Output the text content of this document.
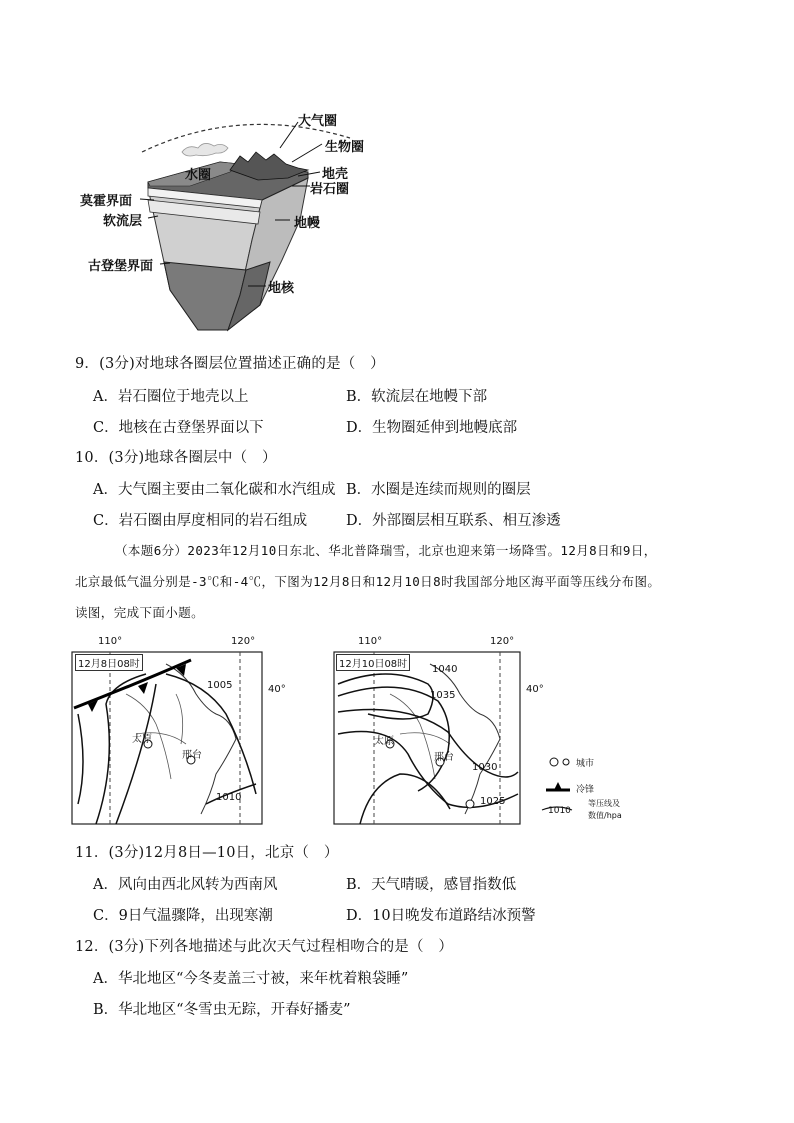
大气圈
生物圈
水圈	地壳
岩石圈
莫霍界面
软流层	地幔
古登堡界面
地核
9．(3分)对地球各圈层位置描述正确的是（　）
A．岩石圈位于地壳以上	B．软流层在地幔下部
C．地核在古登堡界面以下	D．生物圈延伸到地幔底部
10．(3分)地球各圈层中（　）
A．大气圈主要由二氧化碳和水汽组成 B．水圈是连续而规则的圈层
C．岩石圈由厚度相同的岩石组成	D．外部圈层相互联系、相互渗透
（本题6分）2023年12月10日东北、华北普降瑞雪，北京也迎来第一场降雪。12月8日和9日，
北京最低气温分别是-3℃和-4℃，下图为12月8日和12月10日8时我国部分地区海平面等压线分布图。
读图，完成下面小题。
12月8日08时
110°	120°
40°
1005
1010
太原
邢台
12月10日08时
110°	120°
40°
1040
1035
1030
1025
太原
邢台
城市
冷锋
1010
等压线及
数值/hpa
11．(3分)12月8日—10日，北京（　）
A．风向由西北风转为西南风	B．天气晴暖，感冒指数低
C．9日气温骤降，出现寒潮	D．10日晚发布道路结冰预警
12．(3分)下列各地描述与此次天气过程相吻合的是（　）
A．华北地区“今冬麦盖三寸被，来年枕着粮袋睡”
B．华北地区“冬雪虫无踪，开春好播麦”
